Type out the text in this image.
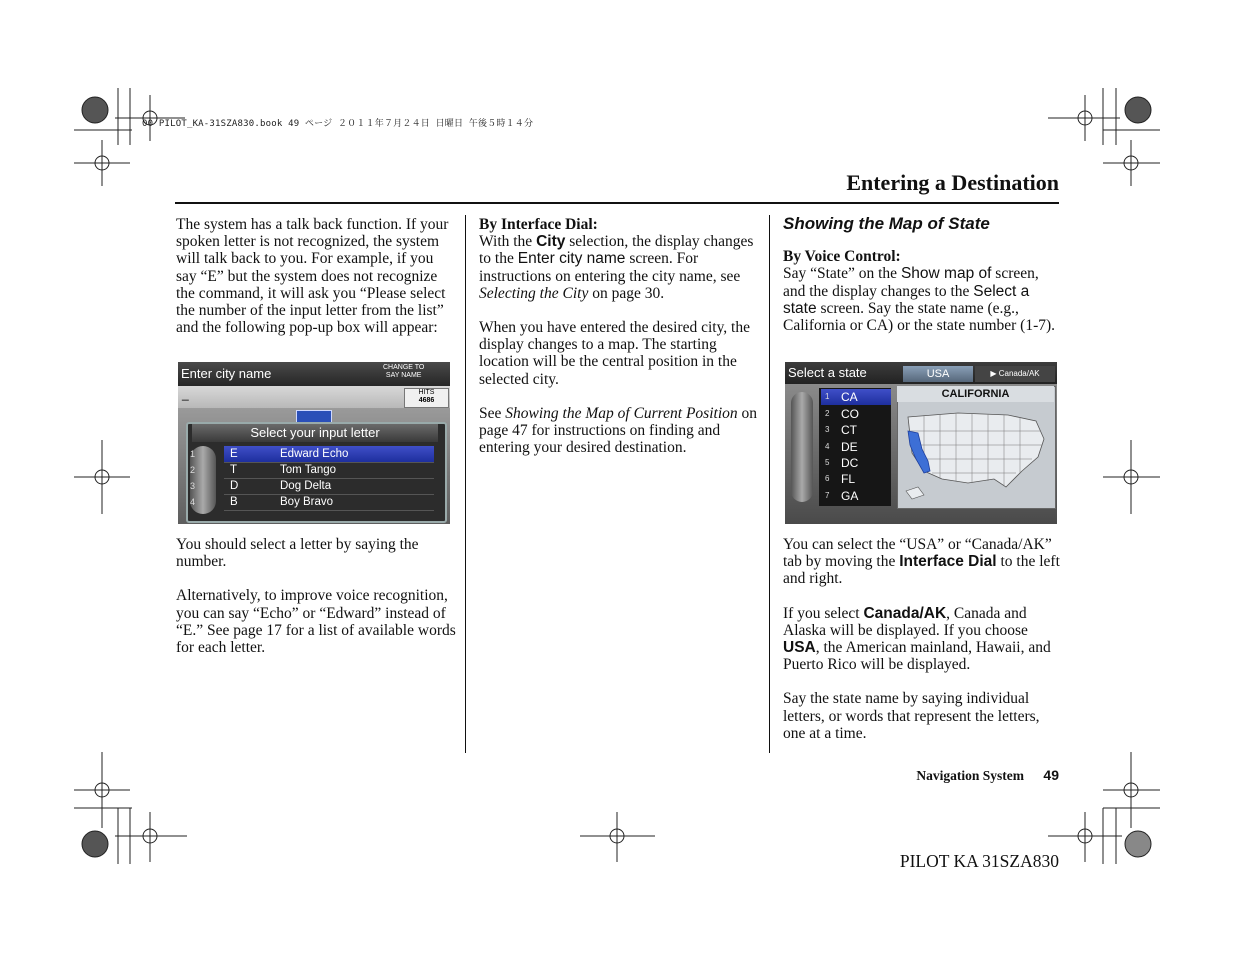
00 PILOT_KA-31SZA830.book 49 ページ ２０１１年７月２４日 日曜日 午後５時１４分
Entering a Destination

The system has a talk back function. If your spoken letter is not recognized, the system will talk back to you. For example, if you say “E” but the system does not recognize the command, it will ask you “Please select the number of the input letter from the list” and the following pop-up box will appear:

Enter city name	CHANGE TO
SAY NAME
_	HITS
4686
Select your input letter
1	E	Edward Echo
2	T	Tom Tango
3	D	Dog Delta
4	B	Boy Bravo

You should select a letter by saying the number.

Alternatively, to improve voice recognition, you can say “Echo” or “Edward” instead of “E.” See page 17 for a list of available words for each letter.

By Interface Dial:

With the City selection, the display changes to the Enter city name screen. For instructions on entering the city name, see Selecting the City on page 30.

When you have entered the desired city, the display changes to a map. The starting location will be the central position in the selected city.

See Showing the Map of Current Position on page 47 for instructions on finding and entering your desired destination.

Showing the Map of State
By Voice Control:

Say “State” on the Show map of screen, and the display changes to the Select a state screen. Say the state name (e.g., California or CA) or the state number (1-7).

Select a state	USA	▶ Canada/AK
1 CA
2 CO
3 CT
4 DE
5 DC
6 FL
7 GA
CALIFORNIA

You can select the “USA” or “Canada/AK” tab by moving the Interface Dial to the left and right.

If you select Canada/AK, Canada and Alaska will be displayed. If you choose USA, the American mainland, Hawaii, and Puerto Rico will be displayed.

Say the state name by saying individual letters, or words that represent the letters, one at a time.

Navigation System 49
PILOT KA 31SZA830
